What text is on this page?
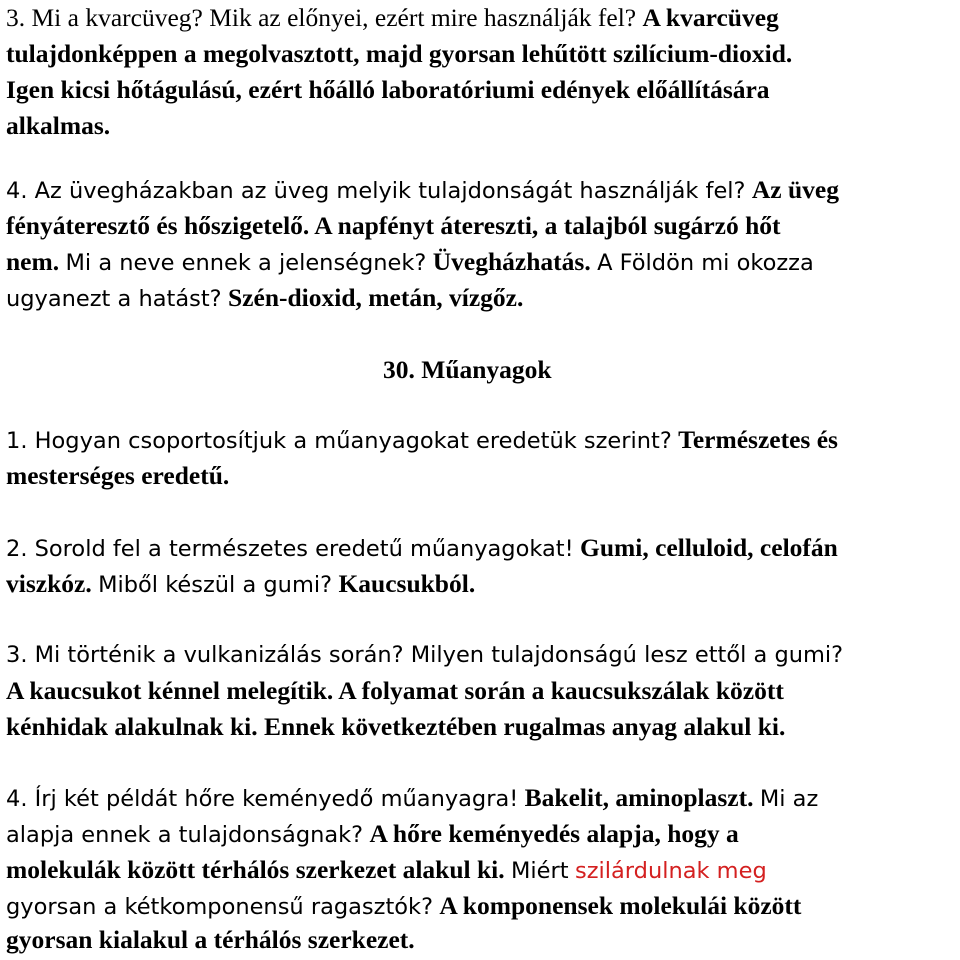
3. Mi a kvarcüveg? Mik az előnyei, ezért mire használják fel? A kvarcüveg
tulajdonképpen a megolvasztott, majd gyorsan lehűtött szilícium-dioxid.
Igen kicsi hőtágulású, ezért hőálló laboratóriumi edények előállítására
alkalmas.
4. Az üvegházakban az üveg melyik tulajdonságát használják fel? Az üveg
fényáteresztő és hőszigetelő. A napfényt átereszti, a talajból sugárzó hőt
nem. Mi a neve ennek a jelenségnek? Üvegházhatás. A Földön mi okozza
ugyanezt a hatást? Szén-dioxid, metán, vízgőz.
30. Műanyagok
1. Hogyan csoportosítjuk a műanyagokat eredetük szerint? Természetes és
mesterséges eredetű.
2. Sorold fel a természetes eredetű műanyagokat! Gumi, celluloid, celofán
viszkóz. Miből készül a gumi? Kaucsukból.
3. Mi történik a vulkanizálás során? Milyen tulajdonságú lesz ettől a gumi?
A kaucsukot kénnel melegítik. A folyamat során a kaucsukszálak között
kénhidak alakulnak ki. Ennek következtében rugalmas anyag alakul ki.
4. Írj két példát hőre keményedő műanyagra! Bakelit, aminoplaszt. Mi az
alapja ennek a tulajdonságnak? A hőre keményedés alapja, hogy a
molekulák között térhálós szerkezet alakul ki. Miért szilárdulnak meg
gyorsan a kétkomponensű ragasztók? A komponensek molekulái között
gyorsan kialakul a térhálós szerkezet.
